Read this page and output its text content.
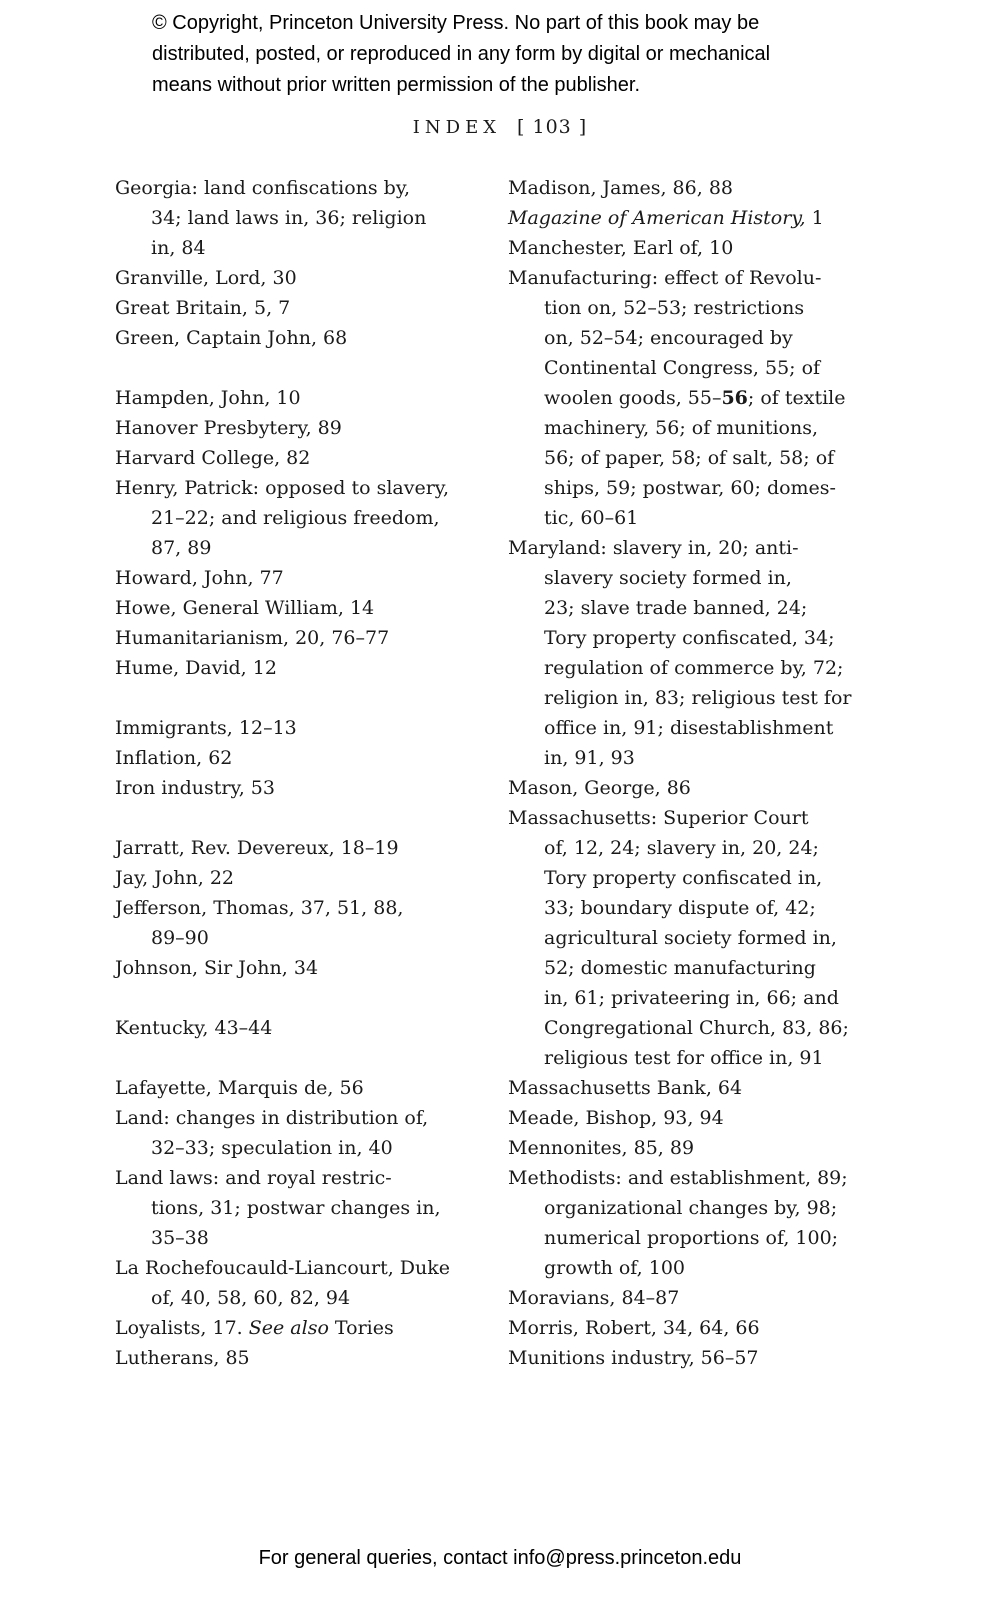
© Copyright, Princeton University Press. No part of this book may be
distributed, posted, or reproduced in any form by digital or mechanical
means without prior written permission of the publisher.
INDEX [ 103 ]
Georgia: land confiscations by,
34; land laws in, 36; religion
in, 84
Granville, Lord, 30
Great Britain, 5, 7
Green, Captain John, 68
Hampden, John, 10
Hanover Presbytery, 89
Harvard College, 82
Henry, Patrick: opposed to slavery,
21–22; and religious freedom,
87, 89
Howard, John, 77
Howe, General William, 14
Humanitarianism, 20, 76–77
Hume, David, 12
Immigrants, 12–13
Inflation, 62
Iron industry, 53
Jarratt, Rev. Devereux, 18–19
Jay, John, 22
Jefferson, Thomas, 37, 51, 88,
89–90
Johnson, Sir John, 34
Kentucky, 43–44
Lafayette, Marquis de, 56
Land: changes in distribution of,
32–33; speculation in, 40
Land laws: and royal restric-
tions, 31; postwar changes in,
35–38
La Rochefoucauld-Liancourt, Duke
of, 40, 58, 60, 82, 94
Loyalists, 17. See also Tories
Lutherans, 85
Madison, James, 86, 88
Magazine of American History, 1
Manchester, Earl of, 10
Manufacturing: effect of Revolu-
tion on, 52–53; restrictions
on, 52–54; encouraged by
Continental Congress, 55; of
woolen goods, 55–56; of textile
machinery, 56; of munitions,
56; of paper, 58; of salt, 58; of
ships, 59; postwar, 60; domes-
tic, 60–61
Maryland: slavery in, 20; anti-
slavery society formed in,
23; slave trade banned, 24;
Tory property confiscated, 34;
regulation of commerce by, 72;
religion in, 83; religious test for
office in, 91; disestablishment
in, 91, 93
Mason, George, 86
Massachusetts: Superior Court
of, 12, 24; slavery in, 20, 24;
Tory property confiscated in,
33; boundary dispute of, 42;
agricultural society formed in,
52; domestic manufacturing
in, 61; privateering in, 66; and
Congregational Church, 83, 86;
religious test for office in, 91
Massachusetts Bank, 64
Meade, Bishop, 93, 94
Mennonites, 85, 89
Methodists: and establishment, 89;
organizational changes by, 98;
numerical proportions of, 100;
growth of, 100
Moravians, 84–87
Morris, Robert, 34, 64, 66
Munitions industry, 56–57
For general queries, contact info@press.princeton.edu
